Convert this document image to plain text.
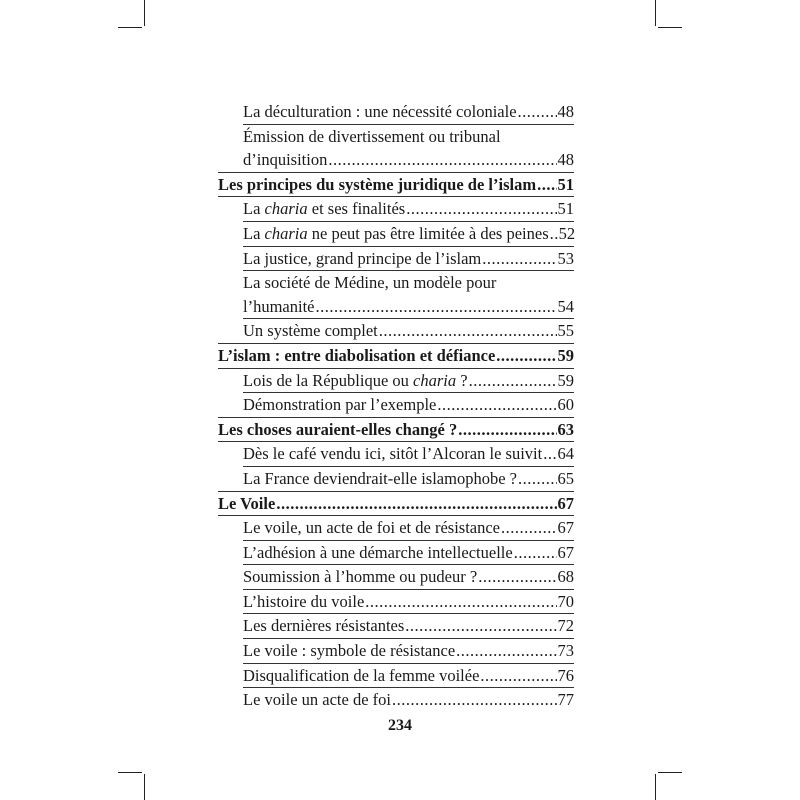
La déculturation : une nécessité coloniale ..... 48
Émission de divertissement ou tribunal
d’inquisition .....	48
Les principes du système juridique de l’islam ..... 51
La charia et ses finalités .....	51
La charia ne peut pas être limitée à des peines ..... 52
La justice, grand principe de l’islam .....	53
La société de Médine, un modèle pour
l’humanité .....	54
Un système complet .....	55
L’islam : entre diabolisation et défiance .....	59
Lois de la République ou charia ? .....	59
Démonstration par l’exemple .....	60
Les choses auraient-elles changé ? .....	63
Dès le café vendu ici, sitôt l’Alcoran le suivit ..... 64
La France deviendrait-elle islamophobe ? ..... 65
Le Voile .....	67
Le voile, un acte de foi et de résistance .....	67
L’adhésion à une démarche intellectuelle .....	67
Soumission à l’homme ou pudeur ? .....	68
L’histoire du voile .....	70
Les dernières résistantes .....	72
Le voile : symbole de résistance .....	73
Disqualification de la femme voilée .....	76
Le voile un acte de foi .....	77
234
